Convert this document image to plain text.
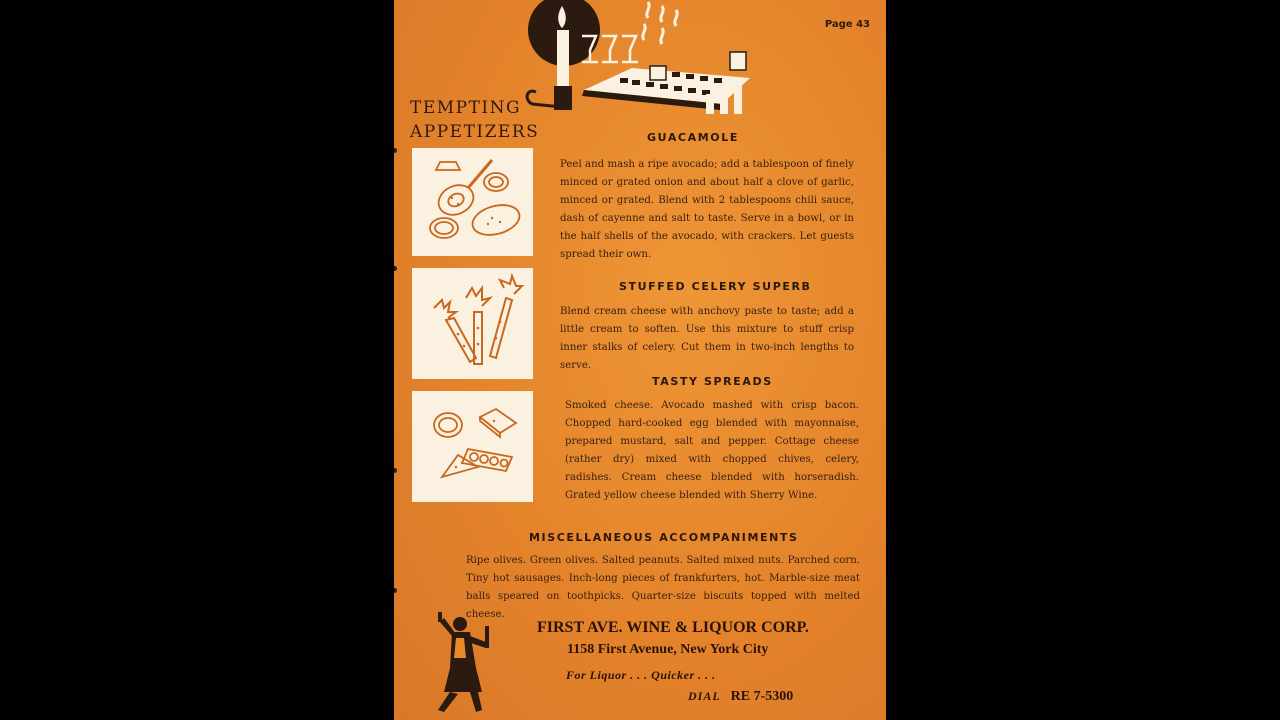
Page 43
TEMPTING APPETIZERS	GUACAMOLE

Peel and mash a ripe avocado; add a tablespoon of finely minced or grated onion and about half a clove of garlic, minced or grated. Blend with 2 tablespoons chili sauce, dash of cayenne and salt to taste. Serve in a bowl, or in the half shells of the avocado, with crackers. Let guests spread their own.

STUFFED CELERY SUPERB

Blend cream cheese with anchovy paste to taste; add a little cream to soften. Use this mixture to stuff crisp inner stalks of celery. Cut them in two-inch lengths to serve.

TASTY SPREADS

Smoked cheese. Avocado mashed with crisp bacon. Chopped hard-cooked egg blended with mayonnaise, prepared mustard, salt and pepper. Cottage cheese (rather dry) mixed with chopped chives, celery, radishes. Cream cheese blended with horseradish. Grated yellow cheese blended with Sherry Wine.

MISCELLANEOUS ACCOMPANIMENTS

Ripe olives. Green olives. Salted peanuts. Salted mixed nuts. Parched corn. Tiny hot sausages. Inch-long pieces of frankfurters, hot. Marble-size meat balls speared on toothpicks. Quarter-size biscuits topped with melted cheese.

FIRST AVE. WINE & LIQUOR CORP.
1158 First Avenue, New York City
For Liquor . . . Quicker . . .
DIAL RE 7-5300
